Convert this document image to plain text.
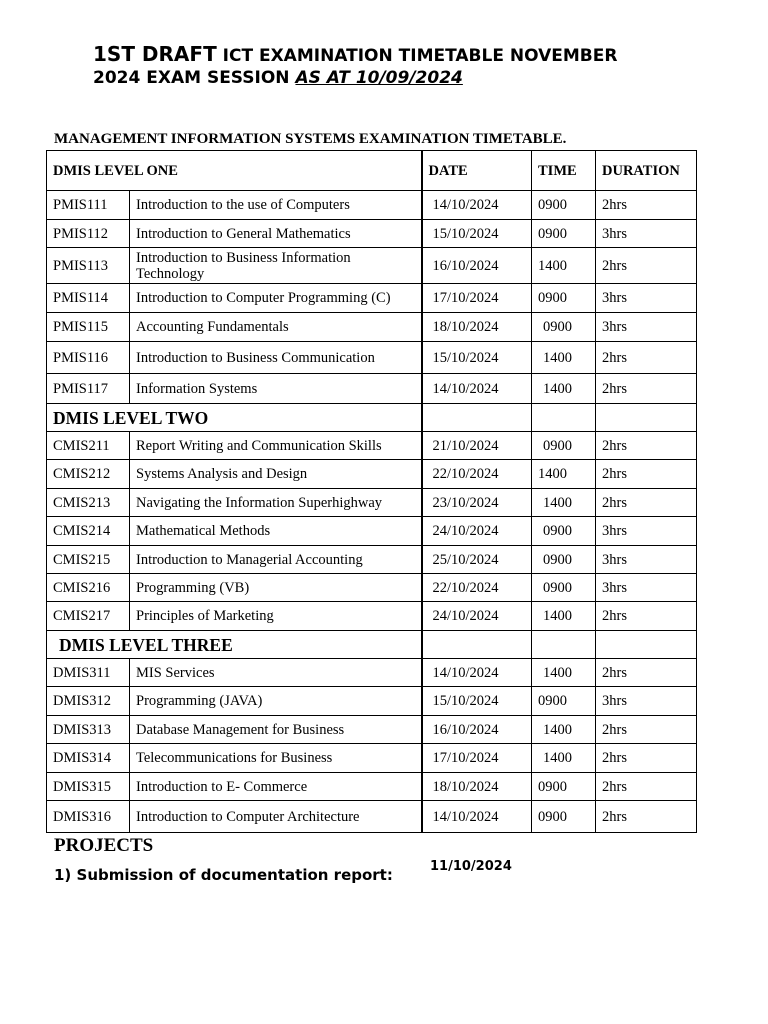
1ST DRAFT ICT EXAMINATION TIMETABLE NOVEMBER
2024 EXAM SESSION AS AT 10/09/2024
MANAGEMENT INFORMATION SYSTEMS EXAMINATION TIMETABLE.
DMIS LEVEL ONE		DATE	TIME	DURATION
PMIS111	Introduction to the use of Computers	14/10/2024	0900	2hrs
PMIS112	Introduction to General Mathematics	15/10/2024	0900	3hrs
PMIS113	Introduction to Business Information Technology	16/10/2024	1400	2hrs
PMIS114	Introduction to Computer Programming (C)	17/10/2024	0900	3hrs
PMIS115	Accounting Fundamentals	18/10/2024	0900	3hrs
PMIS116	Introduction to Business Communication	15/10/2024	1400	2hrs
PMIS117	Information Systems	14/10/2024	1400	2hrs
DMIS LEVEL TWO				
CMIS211	Report Writing and Communication Skills	21/10/2024	0900	2hrs
CMIS212	Systems Analysis and Design	22/10/2024	1400	2hrs
CMIS213	Navigating the Information Superhighway	23/10/2024	1400	2hrs
CMIS214	Mathematical Methods	24/10/2024	0900	3hrs
CMIS215	Introduction to Managerial Accounting	25/10/2024	0900	3hrs
CMIS216	Programming (VB)	22/10/2024	0900	3hrs
CMIS217	Principles of Marketing	24/10/2024	1400	2hrs
DMIS LEVEL THREE				
DMIS311	MIS Services	14/10/2024	1400	2hrs
DMIS312	Programming (JAVA)	15/10/2024	0900	3hrs
DMIS313	Database Management for Business	16/10/2024	1400	2hrs
DMIS314	Telecommunications for Business	17/10/2024	1400	2hrs
DMIS315	Introduction to E- Commerce	18/10/2024	0900	2hrs
DMIS316	Introduction to Computer Architecture	14/10/2024	0900	2hrs
PROJECTS
1) Submission of documentation report:	11/10/2024
